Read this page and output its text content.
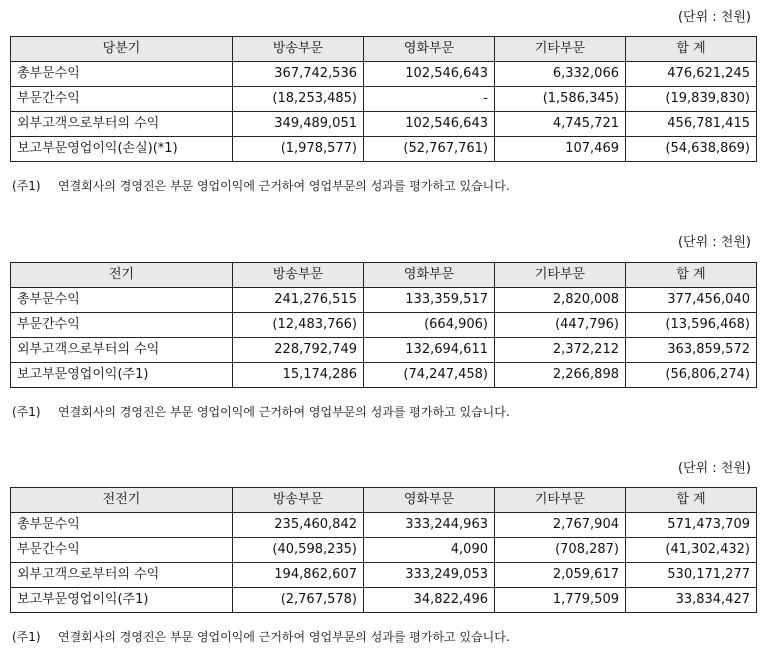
(단위 : 천원)
당분기	방송부문	영화부문	기타부문	합 계
총부문수익	367,742,536	102,546,643	6,332,066	476,621,245
부문간수익	(18,253,485)	-	(1,586,345)	(19,839,830)
외부고객으로부터의 수익	349,489,051	102,546,643	4,745,721	456,781,415
보고부문영업이익(손실)(*1)	(1,978,577)	(52,767,761)	107,469	(54,638,869)
(주1) 연결회사의 경영진은 부문 영업이익에 근거하여 영업부문의 성과를 평가하고 있습니다.
(단위 : 천원)
전기	방송부문	영화부문	기타부문	합 계
총부문수익	241,276,515	133,359,517	2,820,008	377,456,040
부문간수익	(12,483,766)	(664,906)	(447,796)	(13,596,468)
외부고객으로부터의 수익	228,792,749	132,694,611	2,372,212	363,859,572
보고부문영업이익(주1)	15,174,286	(74,247,458)	2,266,898	(56,806,274)
(주1) 연결회사의 경영진은 부문 영업이익에 근거하여 영업부문의 성과를 평가하고 있습니다.
(단위 : 천원)
전전기	방송부문	영화부문	기타부문	합 계
총부문수익	235,460,842	333,244,963	2,767,904	571,473,709
부문간수익	(40,598,235)	4,090	(708,287)	(41,302,432)
외부고객으로부터의 수익	194,862,607	333,249,053	2,059,617	530,171,277
보고부문영업이익(주1)	(2,767,578)	34,822,496	1,779,509	33,834,427
(주1) 연결회사의 경영진은 부문 영업이익에 근거하여 영업부문의 성과를 평가하고 있습니다.
